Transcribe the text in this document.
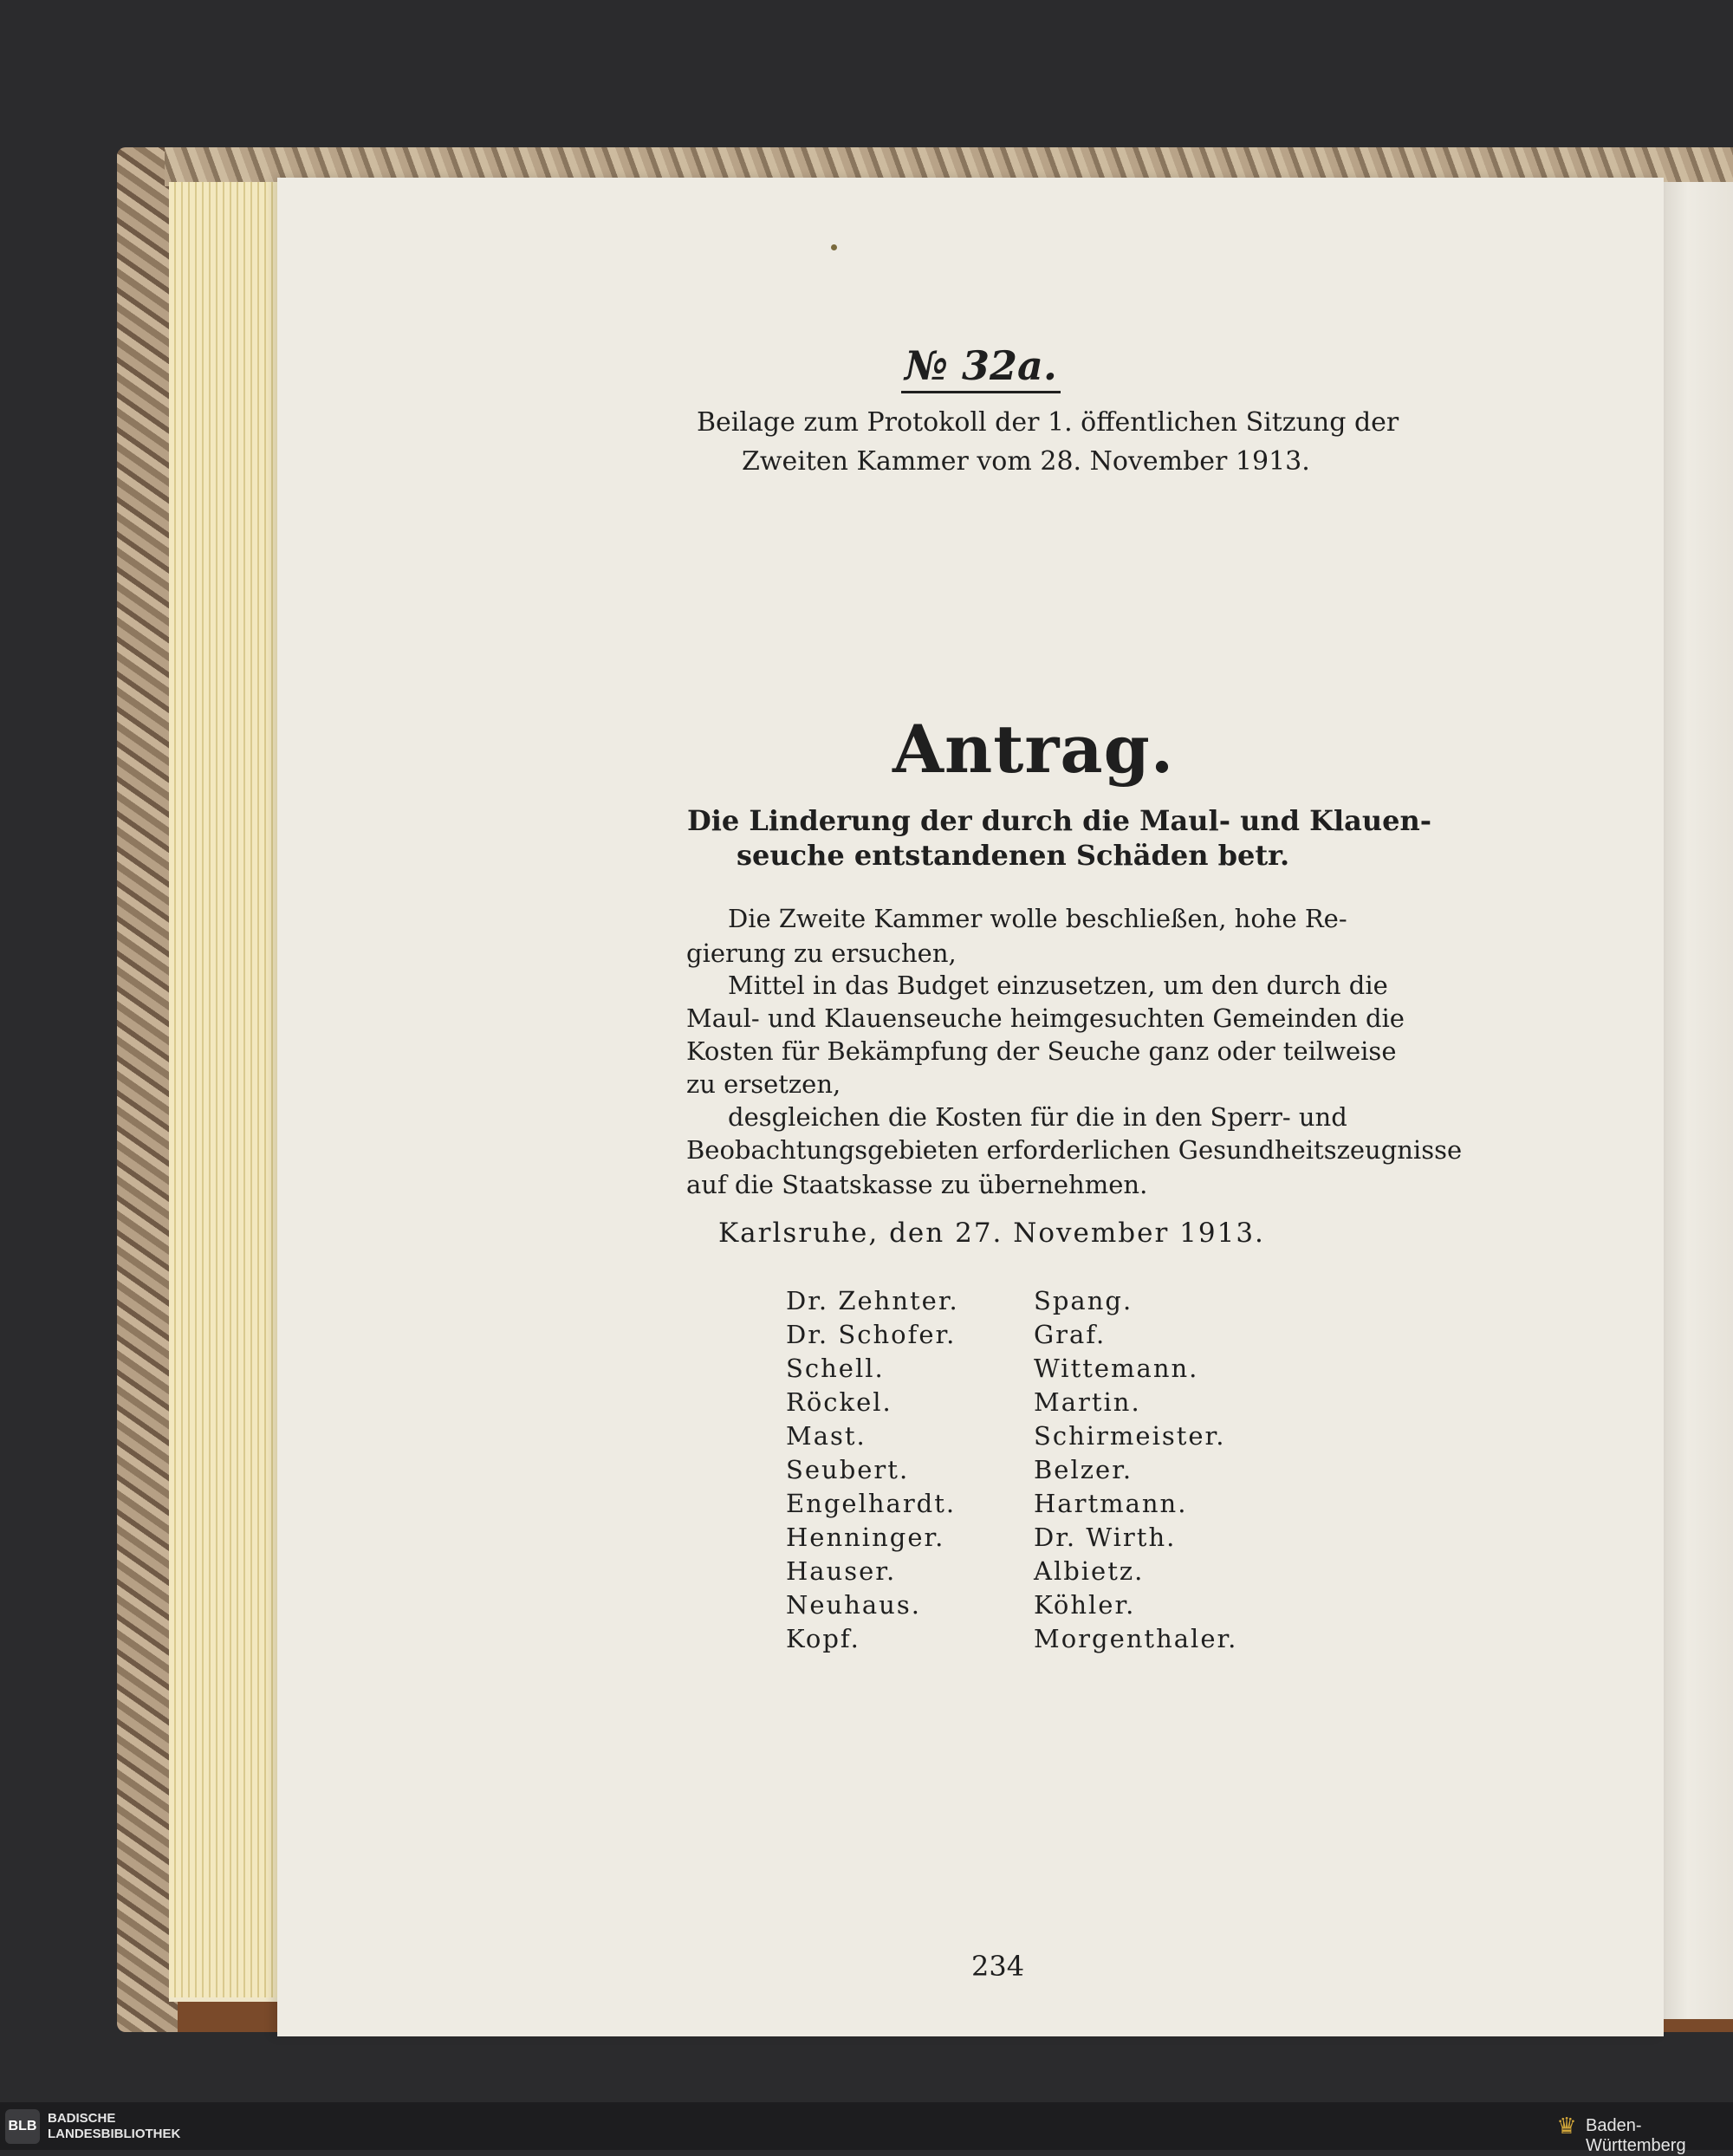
№ 32a.
Beilage zum Protokoll der 1. öffentlichen Sitzung der
Zweiten Kammer vom 28. November 1913.
Antrag.
Die Linderung der durch die Maul- und Klauen-
seuche entstandenen Schäden betr.
Die Zweite Kammer wolle beschließen, hohe Re-
gierung zu ersuchen,
Mittel in das Budget einzusetzen, um den durch die
Maul- und Klauenseuche heimgesuchten Gemeinden die
Kosten für Bekämpfung der Seuche ganz oder teilweise
zu ersetzen,
desgleichen die Kosten für die in den Sperr- und
Beobachtungsgebieten erforderlichen Gesundheitszeugnisse
auf die Staatskasse zu übernehmen.
Karlsruhe, den 27. November 1913.
Dr. Zehnter.
Dr. Schofer.
Schell.
Röckel.
Mast.
Seubert.
Engelhardt.
Henninger.
Hauser.
Neuhaus.
Kopf.
Spang.
Graf.
Wittemann.
Martin.
Schirmeister.
Belzer.
Hartmann.
Dr. Wirth.
Albietz.
Köhler.
Morgenthaler.
234
BLB
BADISCHE
LANDESBIBLIOTHEK	♛ Baden-Württemberg
